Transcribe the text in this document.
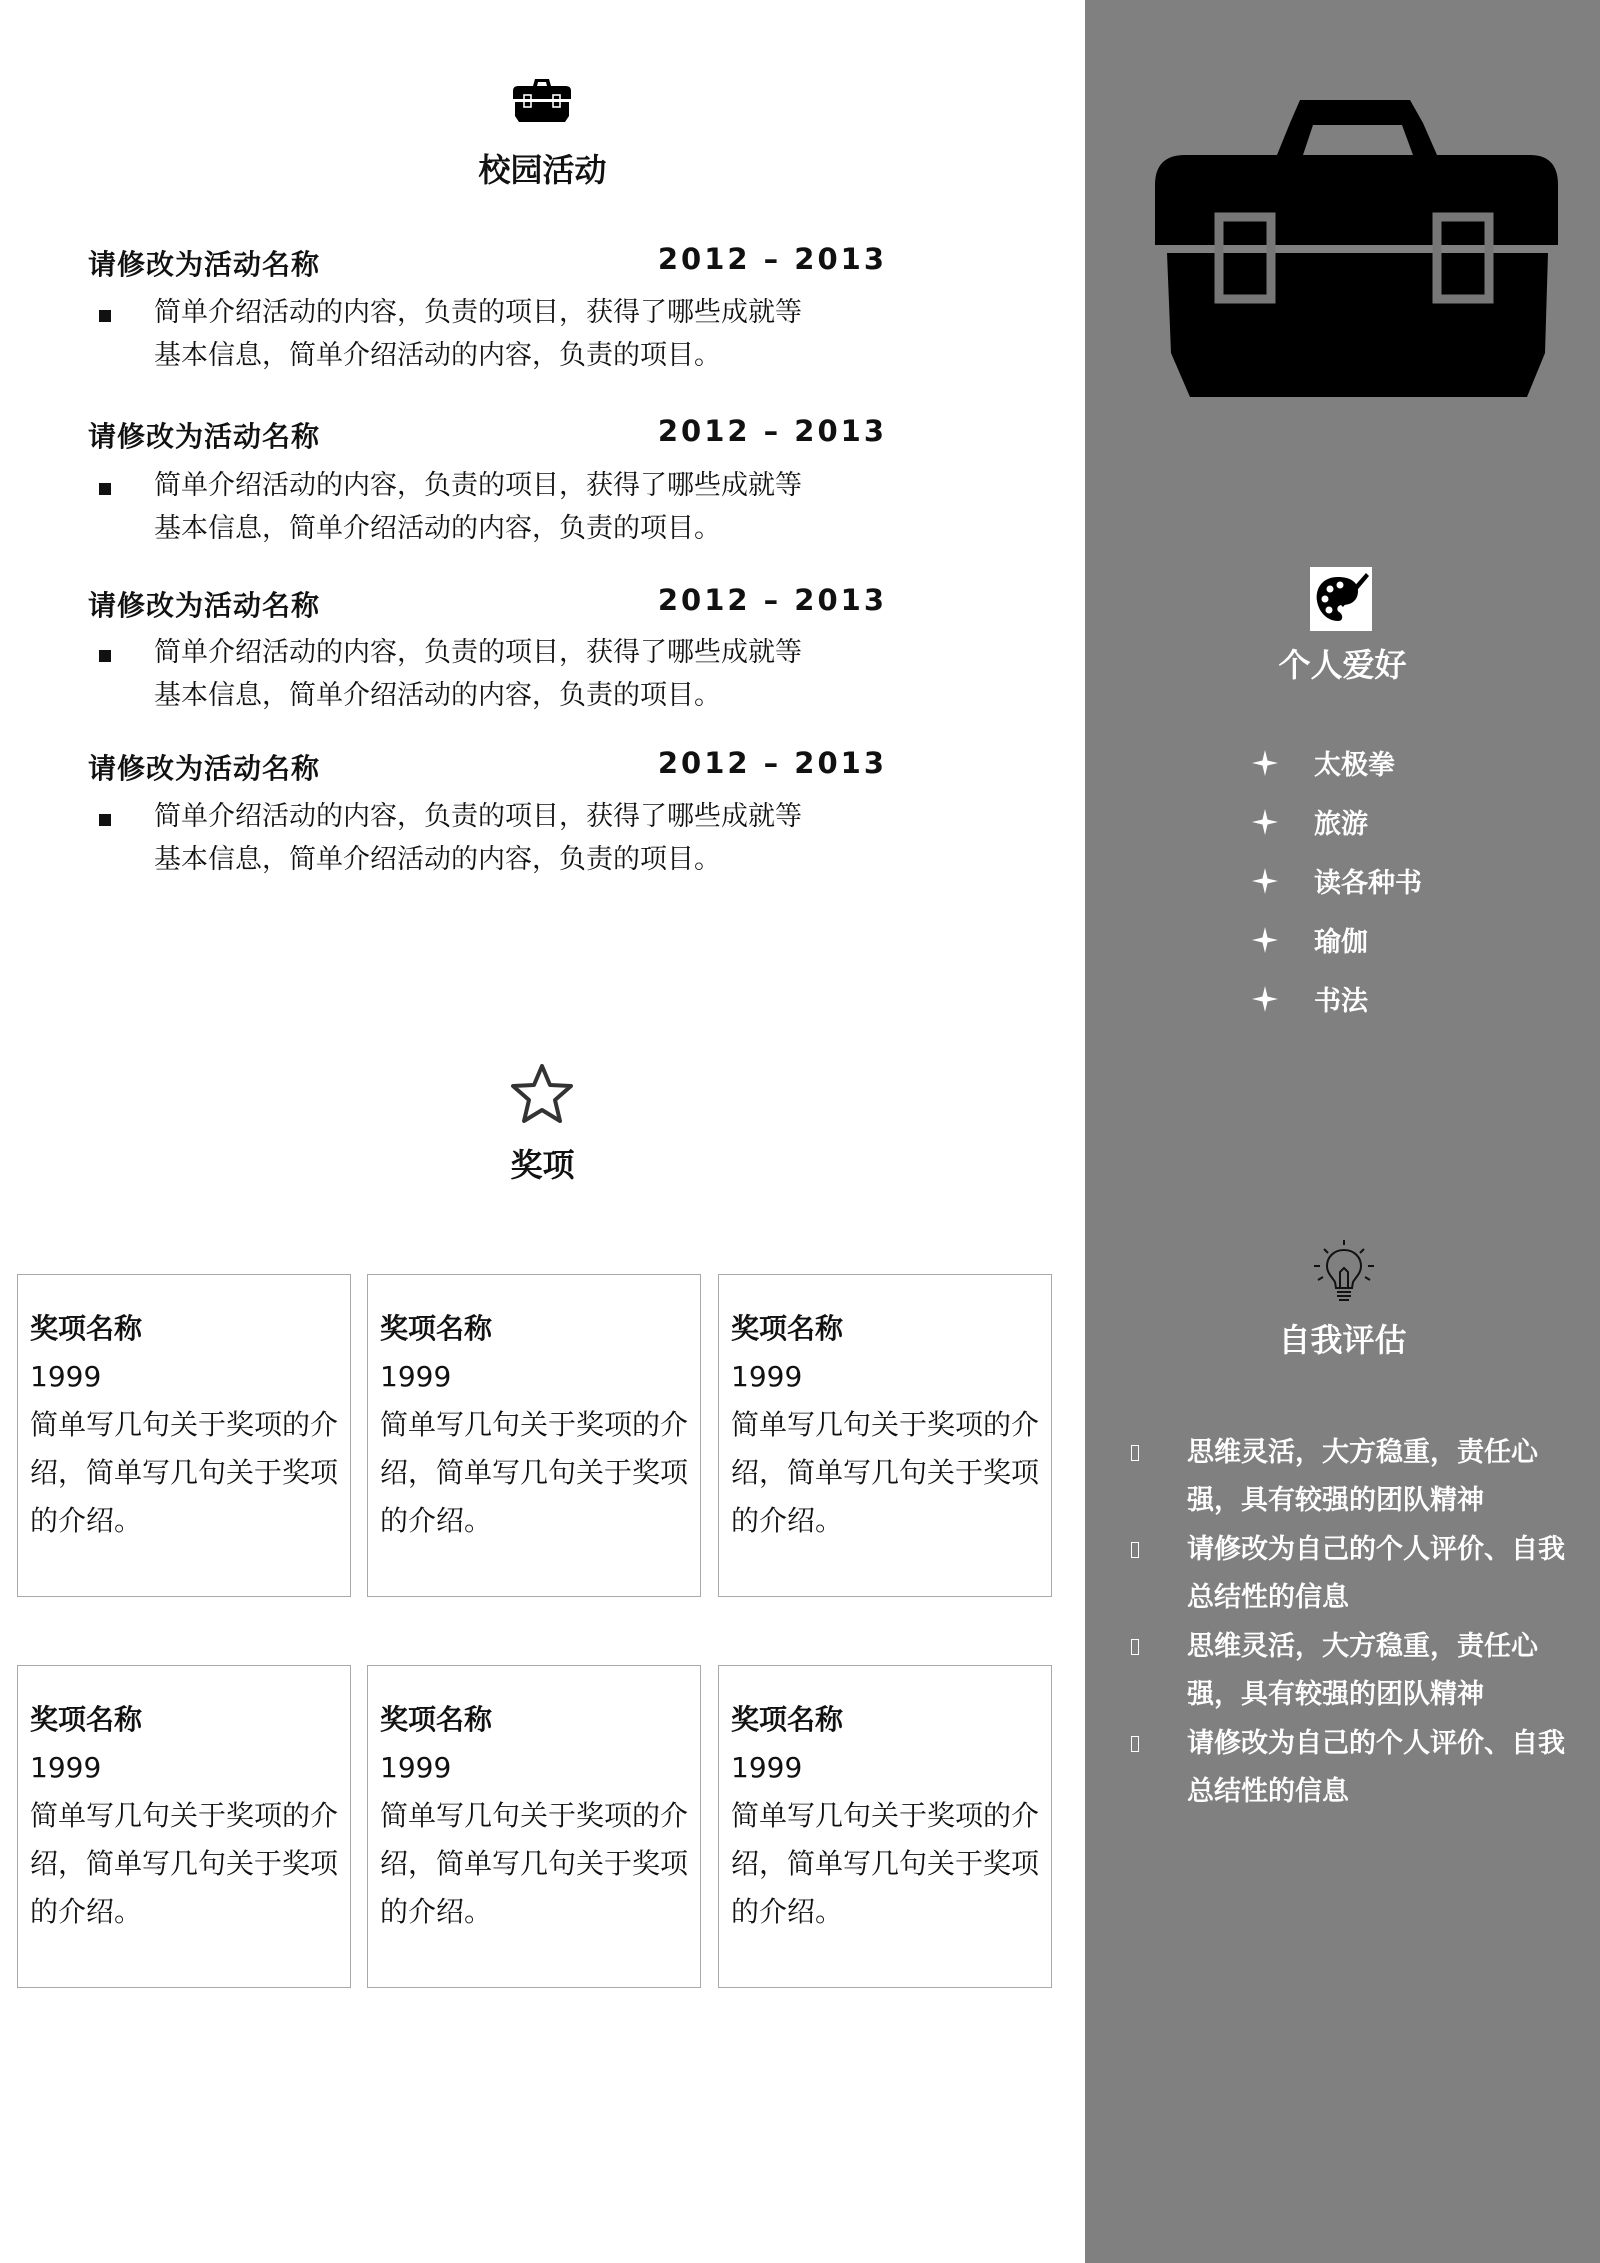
个人爱好
太极拳
旅游
读各种书
瑜伽
书法
自我评估
思维灵活，大方稳重，责任心强，具有较强的团队精神
请修改为自己的个人评价、自我总结性的信息
思维灵活，大方稳重，责任心强，具有较强的团队精神
请修改为自己的个人评价、自我总结性的信息
校园活动
请修改为活动名称	2012 – 2013
简单介绍活动的内容，负责的项目，获得了哪些成就等
基本信息，简单介绍活动的内容，负责的项目。
请修改为活动名称	2012 – 2013
简单介绍活动的内容，负责的项目，获得了哪些成就等
基本信息，简单介绍活动的内容，负责的项目。
请修改为活动名称	2012 – 2013
简单介绍活动的内容，负责的项目，获得了哪些成就等
基本信息，简单介绍活动的内容，负责的项目。
请修改为活动名称	2012 – 2013
简单介绍活动的内容，负责的项目，获得了哪些成就等
基本信息，简单介绍活动的内容，负责的项目。
奖项
奖项名称
1999
简单写几句关于奖项的介绍，简单写几句关于奖项的介绍。
奖项名称
1999
简单写几句关于奖项的介绍，简单写几句关于奖项的介绍。
奖项名称
1999
简单写几句关于奖项的介绍，简单写几句关于奖项的介绍。
奖项名称
1999
简单写几句关于奖项的介绍，简单写几句关于奖项的介绍。
奖项名称
1999
简单写几句关于奖项的介绍，简单写几句关于奖项的介绍。
奖项名称
1999
简单写几句关于奖项的介绍，简单写几句关于奖项的介绍。
